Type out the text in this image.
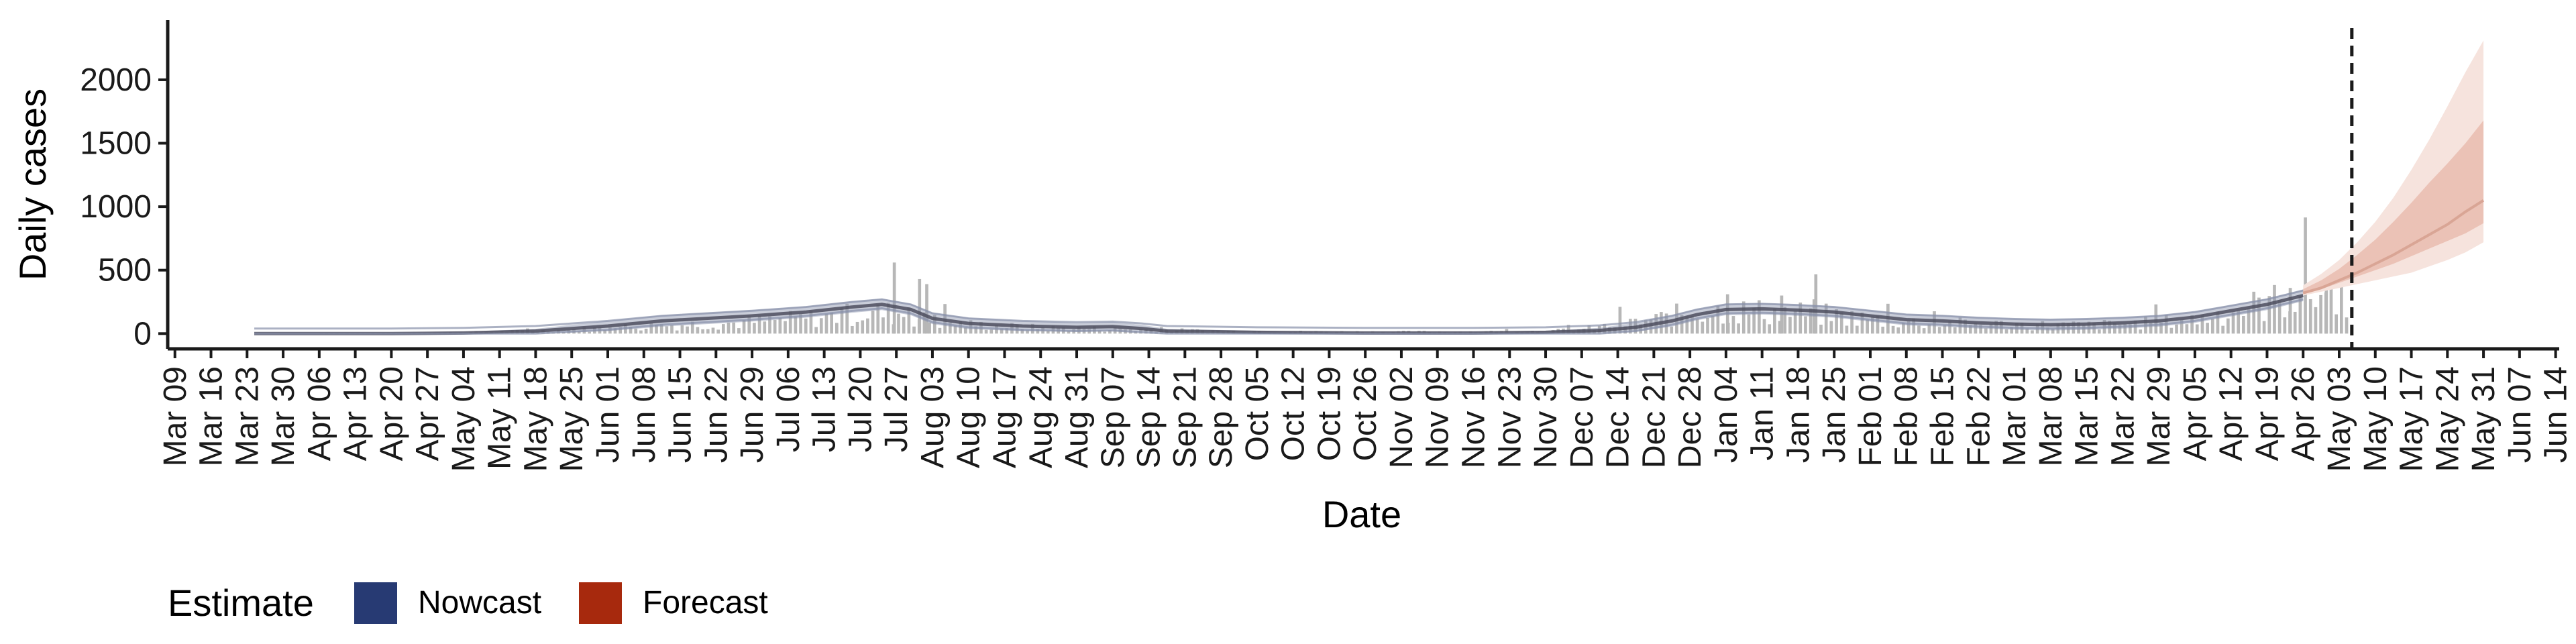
0
500
1000
1500
2000
Mar 09 Mar 16 Mar 23 Mar 30 Apr 06 Apr 13 Apr 20 Apr 27 May 04 May 11 May 18 May 25 Jun 01 Jun 08 Jun 15 Jun 22 Jun 29 Jul 06 Jul 13 Jul 20 Jul 27 Aug 03 Aug 10 Aug 17 Aug 24 Aug 31 Sep 07 Sep 14 Sep 21 Sep 28 Oct 05 Oct 12 Oct 19 Oct 26 Nov 02 Nov 09 Nov 16 Nov 23 Nov 30 Dec 07 Dec 14 Dec 21 Dec 28 Jan 04 Jan 11 Jan 18 Jan 25 Feb 01 Feb 08 Feb 15 Feb 22 Mar 01 Mar 08 Mar 15 Mar 22 Mar 29 Apr 05 Apr 12 Apr 19 Apr 26 May 03 May 10 May 17 May 24 May 31 Jun 07 Jun 14
Daily cases
Date
Estimate	Nowcast	Forecast
